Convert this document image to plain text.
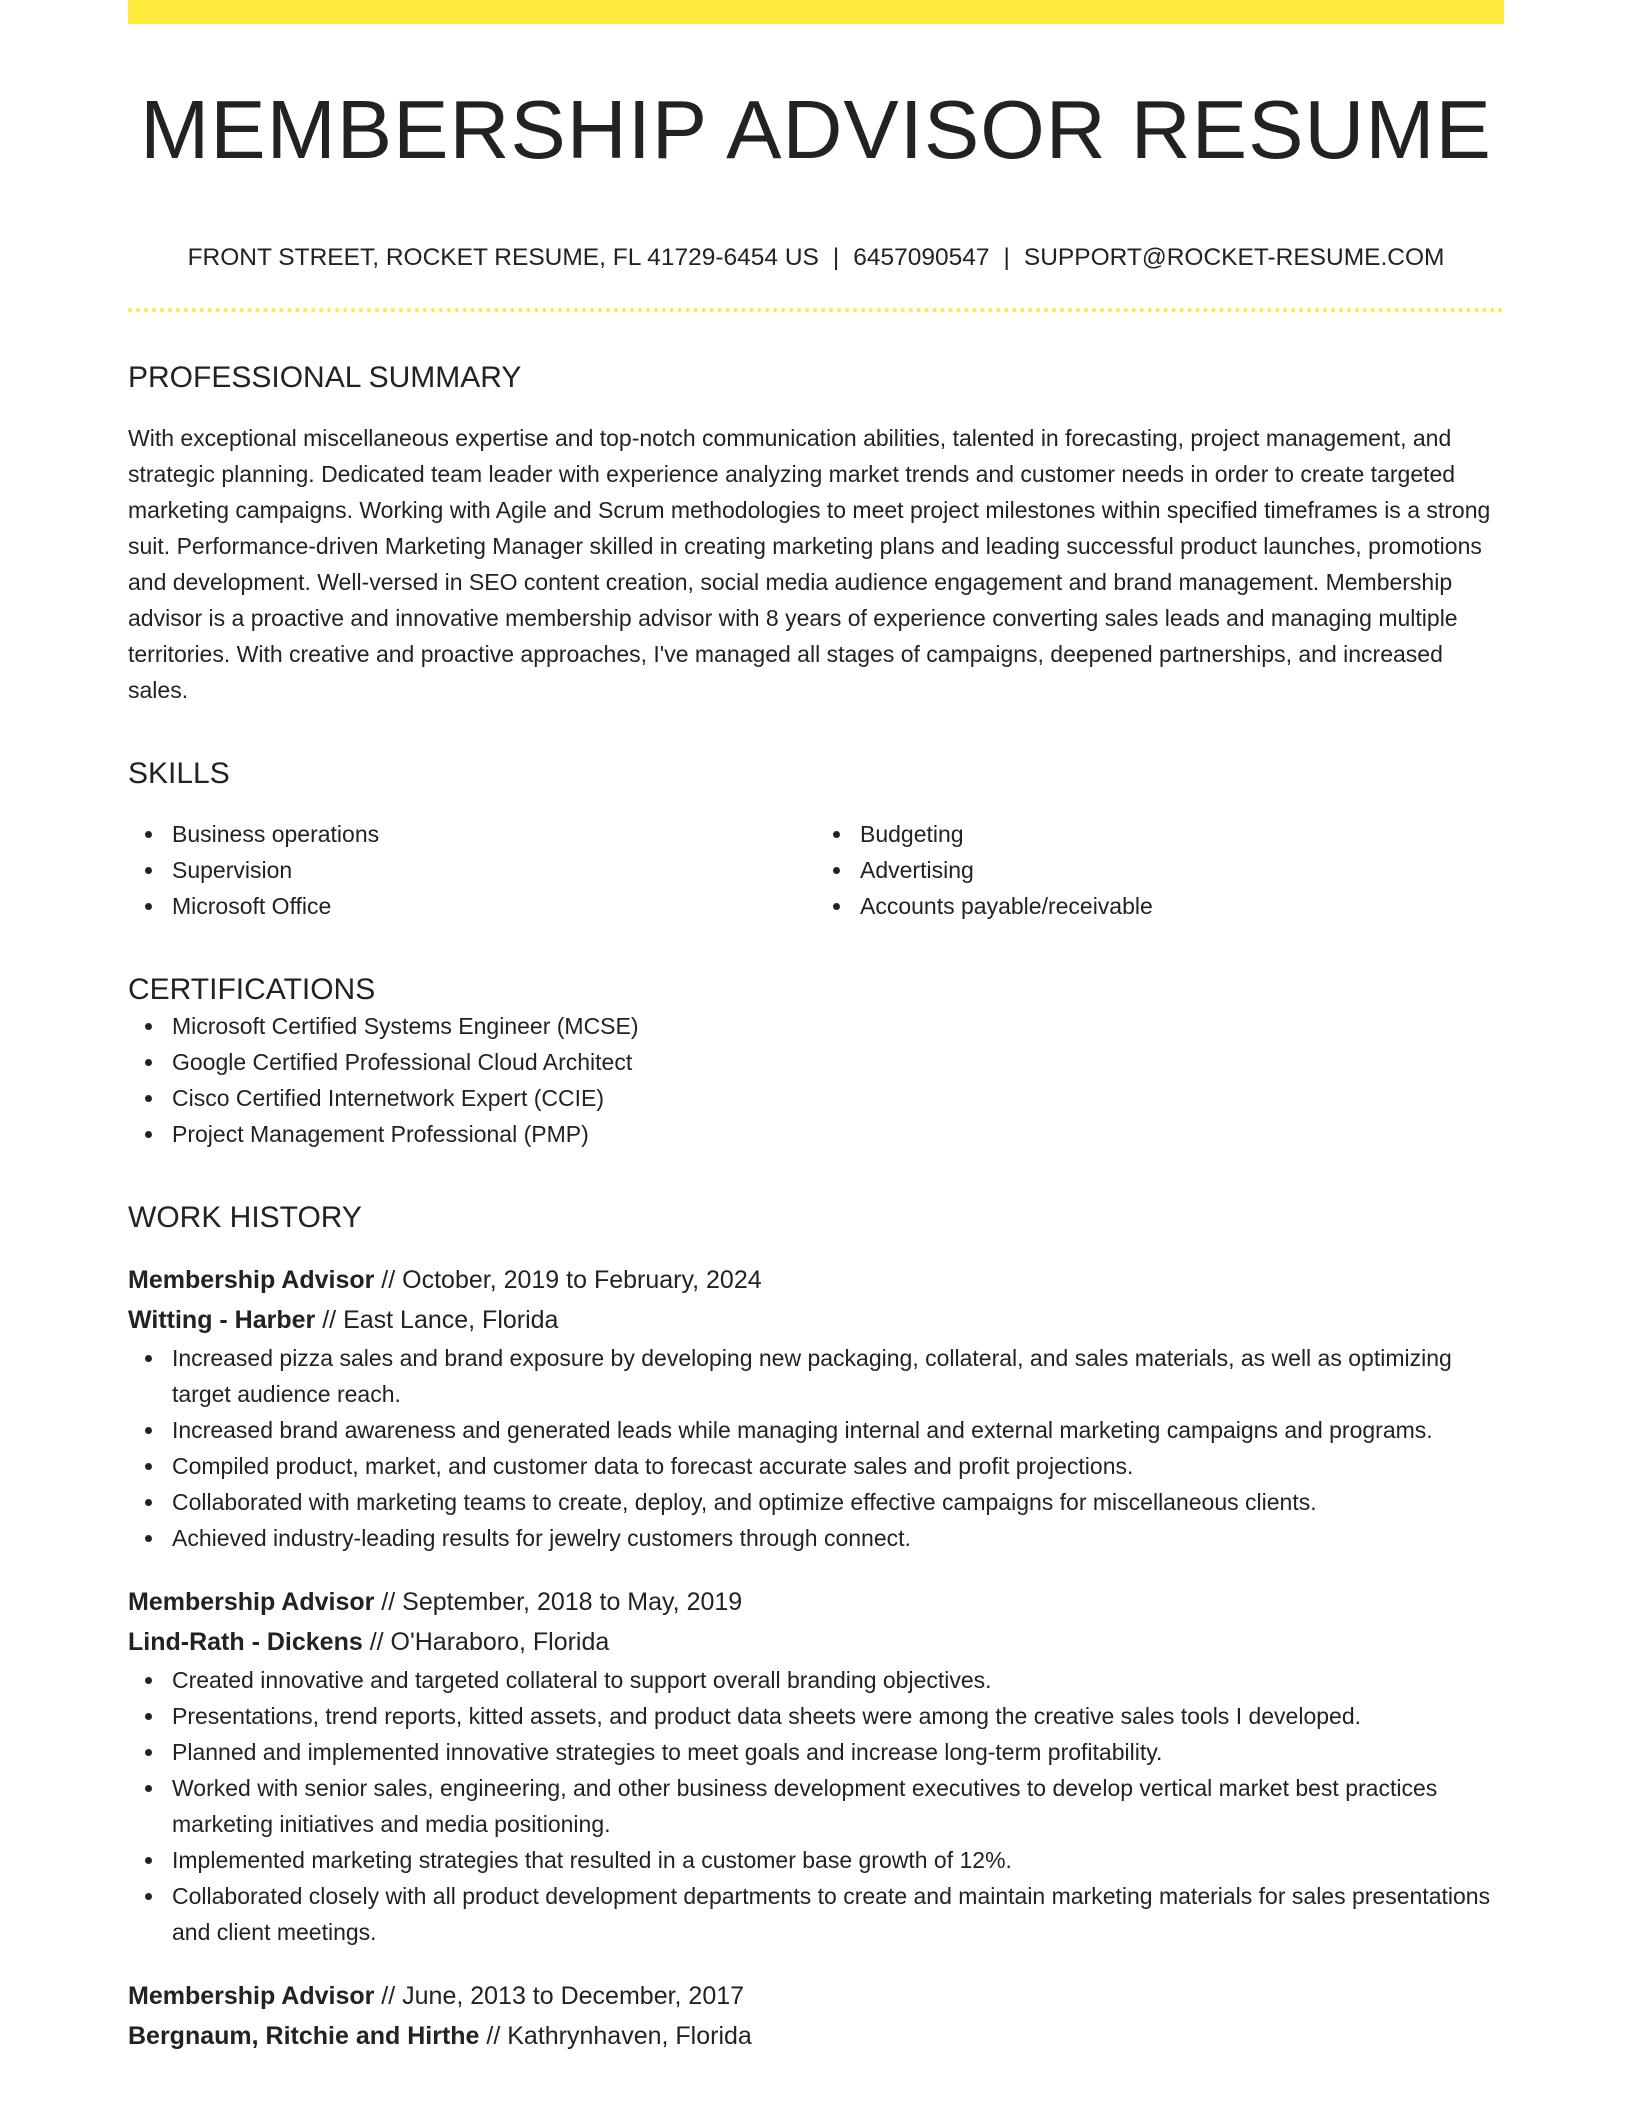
MEMBERSHIP ADVISOR RESUME
FRONT STREET, ROCKET RESUME, FL 41729-6454 US | 6457090547 | SUPPORT@ROCKET-RESUME.COM
PROFESSIONAL SUMMARY
With exceptional miscellaneous expertise and top-notch communication abilities, talented in forecasting, project management, and strategic planning. Dedicated team leader with experience analyzing market trends and customer needs in order to create targeted marketing campaigns. Working with Agile and Scrum methodologies to meet project milestones within specified timeframes is a strong suit. Performance-driven Marketing Manager skilled in creating marketing plans and leading successful product launches, promotions and development. Well-versed in SEO content creation, social media audience engagement and brand management. Membership advisor is a proactive and innovative membership advisor with 8 years of experience converting sales leads and managing multiple territories. With creative and proactive approaches, I've managed all stages of campaigns, deepened partnerships, and increased sales.
SKILLS
Business operations
Supervision
Microsoft Office
Budgeting
Advertising
Accounts payable/receivable
CERTIFICATIONS
Microsoft Certified Systems Engineer (MCSE)
Google Certified Professional Cloud Architect
Cisco Certified Internetwork Expert (CCIE)
Project Management Professional (PMP)
WORK HISTORY
Membership Advisor // October, 2019 to February, 2024
Witting - Harber // East Lance, Florida
Increased pizza sales and brand exposure by developing new packaging, collateral, and sales materials, as well as optimizing target audience reach.
Increased brand awareness and generated leads while managing internal and external marketing campaigns and programs.
Compiled product, market, and customer data to forecast accurate sales and profit projections.
Collaborated with marketing teams to create, deploy, and optimize effective campaigns for miscellaneous clients.
Achieved industry-leading results for jewelry customers through connect.
Membership Advisor // September, 2018 to May, 2019
Lind-Rath - Dickens // O'Haraboro, Florida
Created innovative and targeted collateral to support overall branding objectives.
Presentations, trend reports, kitted assets, and product data sheets were among the creative sales tools I developed.
Planned and implemented innovative strategies to meet goals and increase long-term profitability.
Worked with senior sales, engineering, and other business development executives to develop vertical market best practices marketing initiatives and media positioning.
Implemented marketing strategies that resulted in a customer base growth of 12%.
Collaborated closely with all product development departments to create and maintain marketing materials for sales presentations and client meetings.
Membership Advisor // June, 2013 to December, 2017
Bergnaum, Ritchie and Hirthe // Kathrynhaven, Florida
